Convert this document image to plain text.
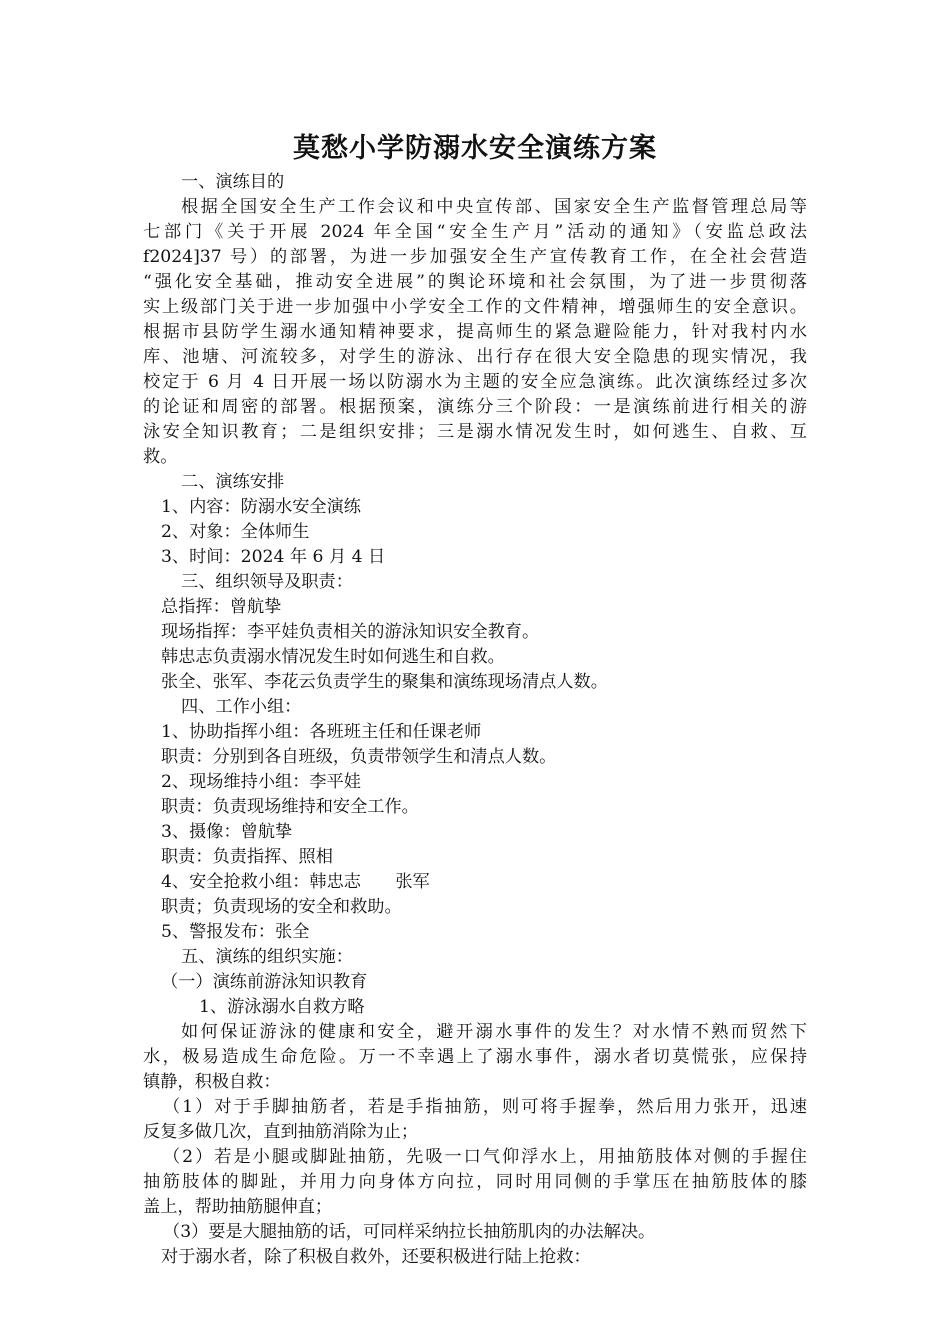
莫愁小学防溺水安全演练方案

一、演练目的

根据全国安全生产工作会议和中央宣传部、国家安全生产监督管理总局等

七部门《关于开展 2024 年全国“安全生产月”活动的通知》（安监总政法

f2024]37 号）的部署，为进一步加强安全生产宣传教育工作，在全社会营造

“强化安全基础，推动安全进展”的舆论环境和社会氛围，为了进一步贯彻落

实上级部门关于进一步加强中小学安全工作的文件精神，增强师生的安全意识。

根据市县防学生溺水通知精神要求，提高师生的紧急避险能力，针对我村内水

库、池塘、河流较多，对学生的游泳、出行存在很大安全隐患的现实情况，我

校定于 6 月 4 日开展一场以防溺水为主题的安全应急演练。此次演练经过多次

的论证和周密的部署。根据预案，演练分三个阶段：一是演练前进行相关的游

泳安全知识教育；二是组织安排；三是溺水情况发生时，如何逃生、自救、互

救。

二、演练安排

1、内容：防溺水安全演练

2、对象：全体师生

3、时间：2024 年 6 月 4 日

三、组织领导及职责：

总指挥：曾航挚

现场指挥：李平娃负责相关的游泳知识安全教育。

韩忠志负责溺水情况发生时如何逃生和自救。

张全、张军、李花云负责学生的聚集和演练现场清点人数。

四、工作小组：

1、协助指挥小组：各班班主任和任课老师

职责：分别到各自班级，负责带领学生和清点人数。

2、现场维持小组：李平娃

职责：负责现场维持和安全工作。

3、摄像：曾航挚

职责：负责指挥、照相

4、安全抢救小组：韩忠志　　张军

职责；负责现场的安全和救助。

5、警报发布：张全

五、演练的组织实施：

（一）演练前游泳知识教育

1、游泳溺水自救方略

如何保证游泳的健康和安全，避开溺水事件的发生？对水情不熟而贸然下

水，极易造成生命危险。万一不幸遇上了溺水事件，溺水者切莫慌张，应保持

镇静，积极自救：

（1）对于手脚抽筋者，若是手指抽筋，则可将手握拳，然后用力张开，迅速

反复多做几次，直到抽筋消除为止；

（2）若是小腿或脚趾抽筋，先吸一口气仰浮水上，用抽筋肢体对侧的手握住

抽筋肢体的脚趾，并用力向身体方向拉，同时用同侧的手掌压在抽筋肢体的膝

盖上，帮助抽筋腿伸直；

（3）要是大腿抽筋的话，可同样采纳拉长抽筋肌肉的办法解决。

对于溺水者，除了积极自救外，还要积极进行陆上抢救：
